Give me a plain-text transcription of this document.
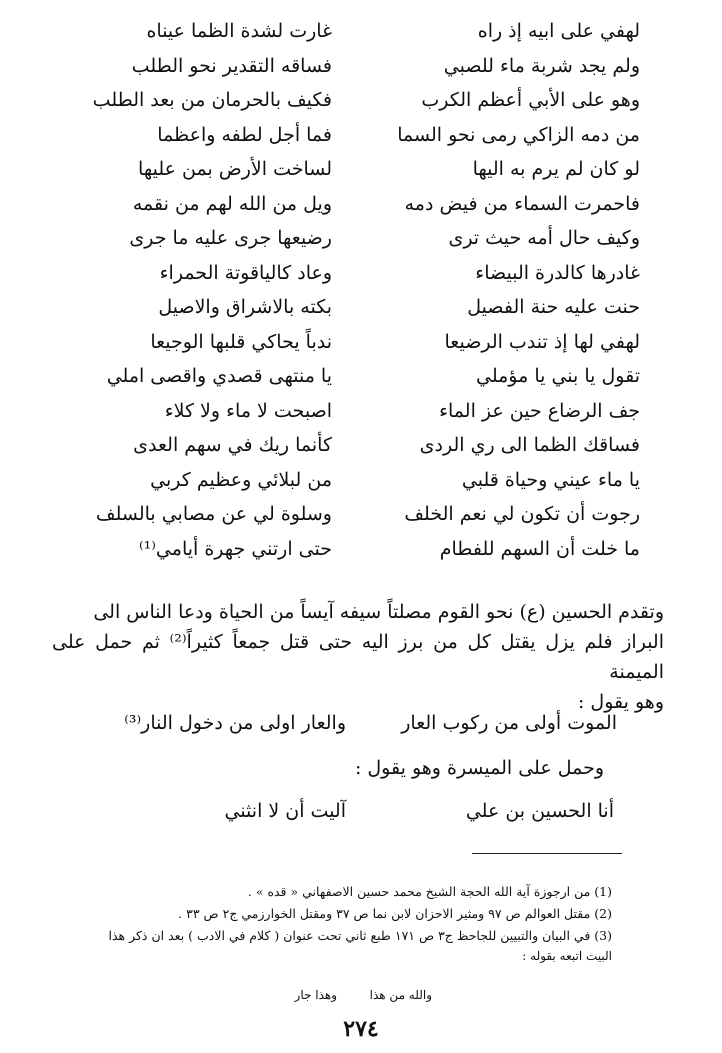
لهفي على ابيه إذ راه
غارت لشدة الظما عيناه
ولم يجد شربة ماء للصبي
فساقه التقدير نحو الطلب
وهو على الأبي أعظم الكرب
فكيف بالحرمان من بعد الطلب
من دمه الزاكي رمى نحو السما
فما أجل لطفه واعظما
لو كان لم يرم به اليها
لساخت الأرض بمن عليها
فاحمرت السماء من فيض دمه
ويل من الله لهم من نقمه
وكيف حال أمه حيث ترى
رضيعها جرى عليه ما جرى
غادرها كالدرة البيضاء
وعاد كالياقوتة الحمراء
حنت عليه حنة الفصيل
بكته بالاشراق والاصيل
لهفي لها إذ تندب الرضيعا
ندباً يحاكي قلبها الوجيعا
تقول يا بني يا مؤملي
يا منتهى قصدي واقصى املي
جف الرضاع حين عز الماء
اصبحت لا ماء ولا كلاء
فساقك الظما الى ري الردى
كأنما ريك في سهم العدى
يا ماء عيني وحياة قلبي
من لبلائي وعظيم كربي
رجوت أن تكون لي نعم الخلف
وسلوة لي عن مصابي بالسلف
ما خلت أن السهم للفطام
حتى ارتني جهرة أيامي⁽¹⁾

وتقدم الحسين (ع) نحو القوم مصلتاً سيفه آيساً من الحياة ودعا الناس الى

البراز فلم يزل يقتل كل من برز اليه حتى قتل جمعاً كثيراً⁽²⁾ ثم حمل على الميمنة

وهو يقول :

الموت أولى من ركوب العار
والعار اولى من دخول النار⁽³⁾
وحمل على الميسرة وهو يقول :
أنا الحسين بن علي
آليت أن لا انثني
(1) من ارجوزة آية الله الحجة الشيخ محمد حسين الاصفهاني « قده » .
(2) مقتل العوالم ص ٩٧ ومثير الاحزان لابن نما ص ٣٧ ومقتل الخوارزمي ج٢ ص ٣٣ .
(3) في البيان والتبيين للجاحظ ج٣ ص ١٧١ طبع ثاني تحت عنوان ( كلام في الادب ) بعد ان ذكر هذا
البيت اتبعه بقوله :
والله من هذا
وهذا جار
٢٧٤
